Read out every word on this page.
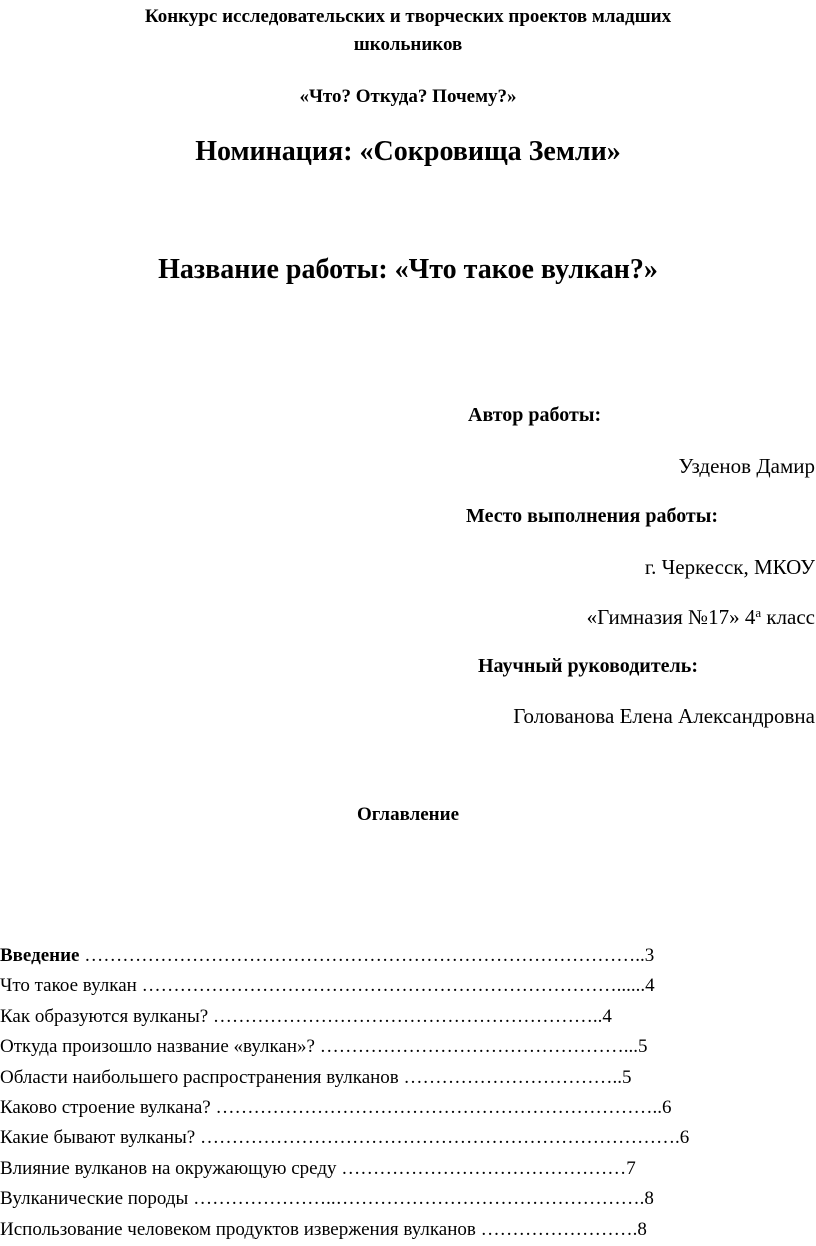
Конкурс исследовательских и творческих проектов младших
школьников
«Что? Откуда? Почему?»
Номинация: «Сокровища Земли»
Название работы: «Что такое вулкан?»
Автор работы:
Узденов Дамир
Место выполнения работы:
г. Черкесск, МКОУ
«Гимназия №17» $4^а$ класс
Научный руководитель:
Голованова Елена Александровна
Оглавление
Введение ……………………………………………………………………………..3
Что такое вулкан …………………………………………………………………......4
Как образуются вулканы? ……………………………………………………..4
Откуда произошло название «вулкан»? …………………………………………...5
Области наибольшего распространения вулканов ……………………………..5
Каково строение вулкана? ……………………………………………………………..6
Какие бывают вулканы? ………………………………………………………………….6
Влияние вулканов на окружающую среду ………………………………………7
Вулканические породы …………………..………………………………………….8
Использование человеком продуктов извержения вулканов …………………….8
